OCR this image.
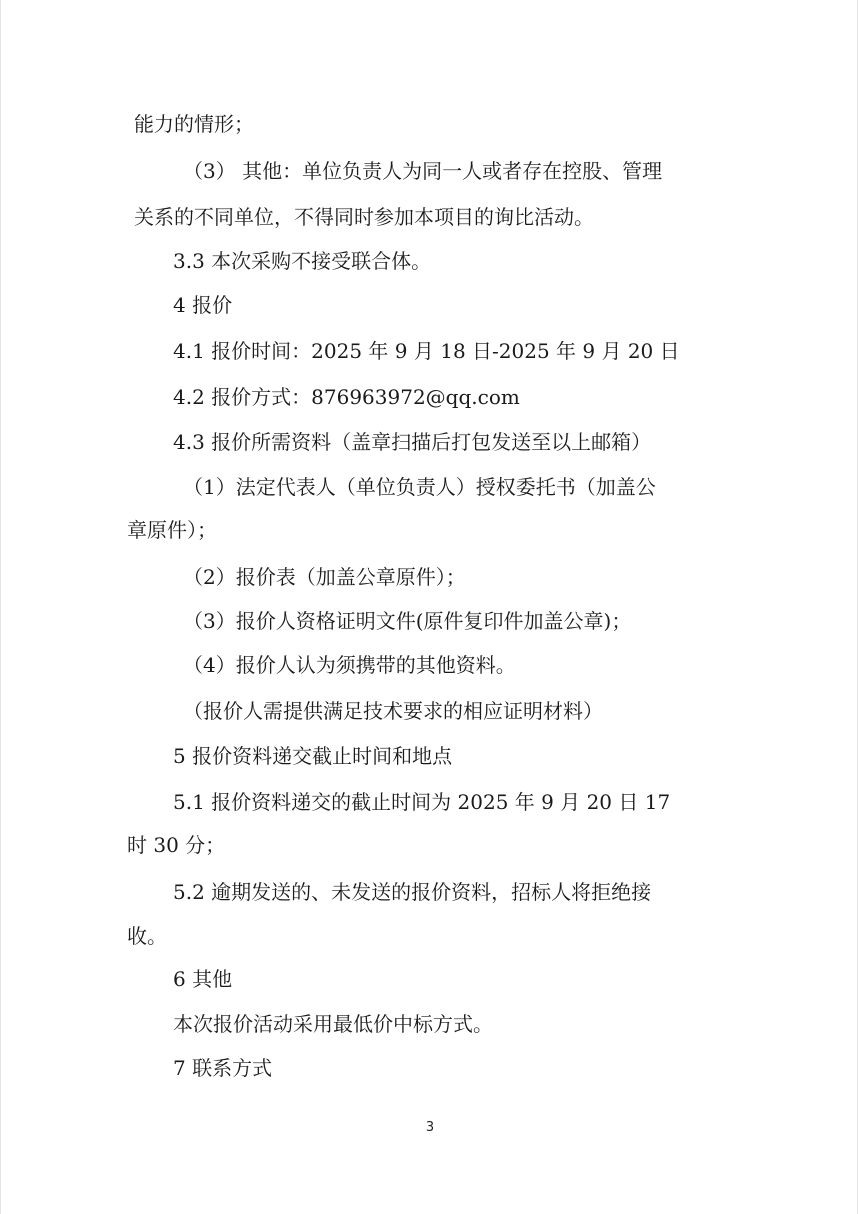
能力的情形；
（3） 其他：单位负责人为同一人或者存在控股、管理
关系的不同单位，不得同时参加本项目的询比活动。
3.3 本次采购不接受联合体。
4 报价
4.1 报价时间：2025 年 9 月 18 日-2025 年 9 月 20 日
4.2 报价方式：876963972@qq.com
4.3 报价所需资料（盖章扫描后打包发送至以上邮箱）
（1）法定代表人（单位负责人）授权委托书（加盖公
章原件）；
（2）报价表（加盖公章原件）；
（3）报价人资格证明文件(原件复印件加盖公章)；
（4）报价人认为须携带的其他资料。
（报价人需提供满足技术要求的相应证明材料）
5 报价资料递交截止时间和地点
5.1 报价资料递交的截止时间为 2025 年 9 月 20 日 17
时 30 分；
5.2 逾期发送的、未发送的报价资料，招标人将拒绝接
收。
6 其他
本次报价活动采用最低价中标方式。
7 联系方式
3
